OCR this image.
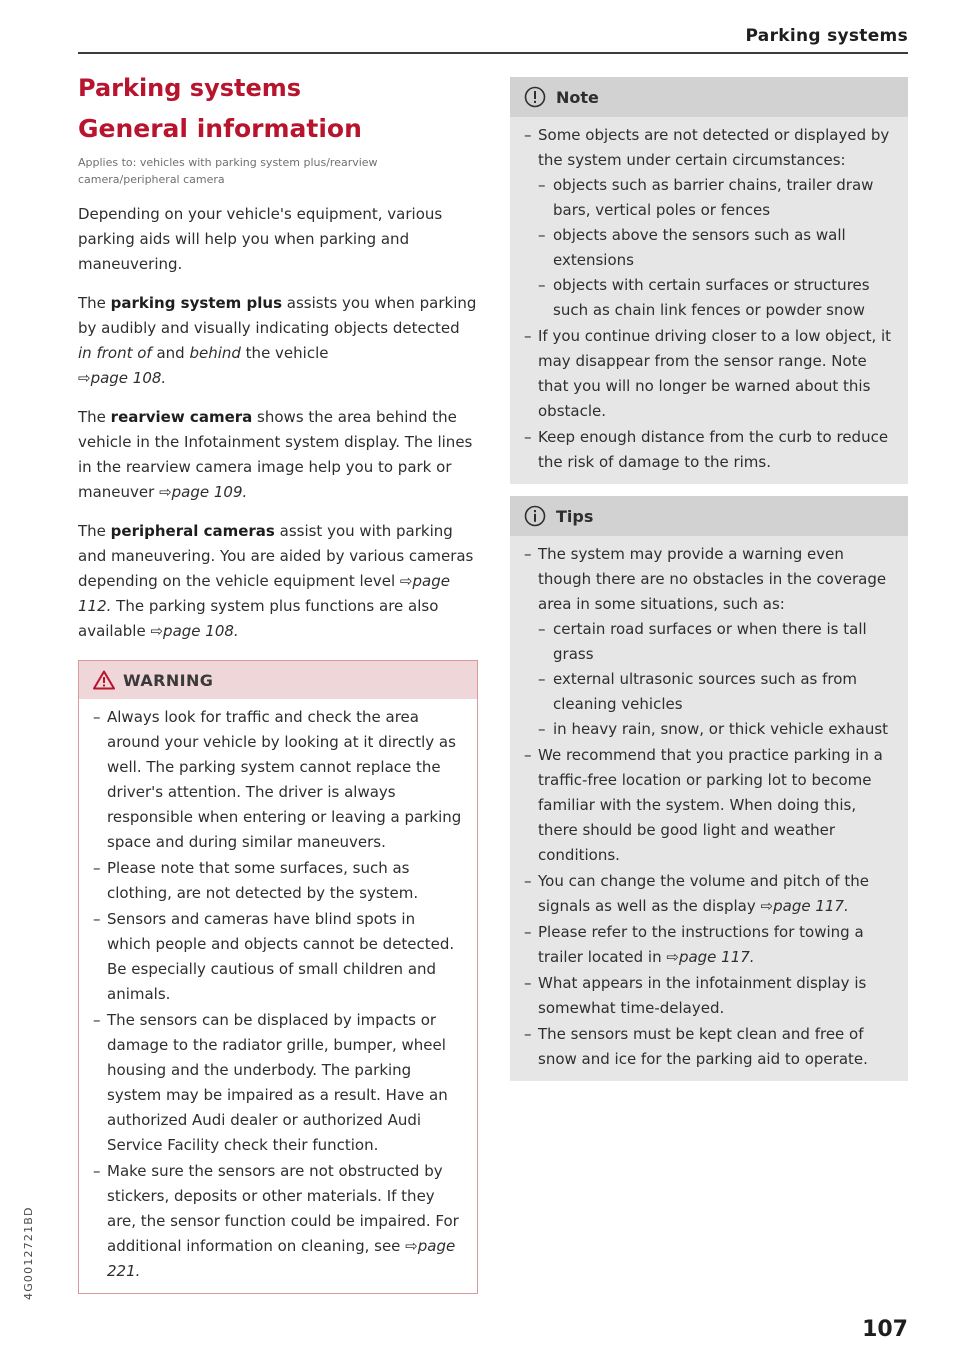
Parking systems
Parking systems
General information

Applies to: vehicles with parking system plus/rearview camera/peripheral camera

Depending on your vehicle's equipment, various parking aids will help you when parking and maneuvering.

The parking system plus assists you when parking by audibly and visually indicating objects detected in front of and behind the vehicle
⇨page 108.

The rearview camera shows the area behind the vehicle in the Infotainment system display. The lines in the rearview camera image help you to park or maneuver ⇨page 109.

The peripheral cameras assist you with parking and maneuvering. You are aided by various cameras depending on the vehicle equipment level ⇨page 112. The parking system plus functions are also available ⇨page 108.

WARNING
– Always look for traffic and check the area around your vehicle by looking at it directly as well. The parking system cannot replace the driver's attention. The driver is always responsible when entering or leaving a parking space and during similar maneuvers.
– Please note that some surfaces, such as clothing, are not detected by the system.
– Sensors and cameras have blind spots in which people and objects cannot be detected. Be especially cautious of small children and animals.
– The sensors can be displaced by impacts or damage to the radiator grille, bumper, wheel housing and the underbody. The parking system may be impaired as a result. Have an authorized Audi dealer or authorized Audi Service Facility check their function.
– Make sure the sensors are not obstructed by stickers, deposits or other materials. If they are, the sensor function could be impaired. For additional information on cleaning, see ⇨page 221.
Note
– Some objects are not detected or displayed by the system under certain circumstances:
– objects such as barrier chains, trailer draw bars, vertical poles or fences
– objects above the sensors such as wall extensions
– objects with certain surfaces or structures such as chain link fences or powder snow
– If you continue driving closer to a low object, it may disappear from the sensor range. Note that you will no longer be warned about this obstacle.
– Keep enough distance from the curb to reduce the risk of damage to the rims.
Tips
– The system may provide a warning even though there are no obstacles in the coverage area in some situations, such as:
– certain road surfaces or when there is tall grass
– external ultrasonic sources such as from cleaning vehicles
– in heavy rain, snow, or thick vehicle exhaust
– We recommend that you practice parking in a traffic-free location or parking lot to become familiar with the system. When doing this, there should be good light and weather conditions.
– You can change the volume and pitch of the signals as well as the display ⇨page 117.
– Please refer to the instructions for towing a trailer located in ⇨page 117.
– What appears in the infotainment display is somewhat time-delayed.
– The sensors must be kept clean and free of snow and ice for the parking aid to operate.
107
4G0012721BD
